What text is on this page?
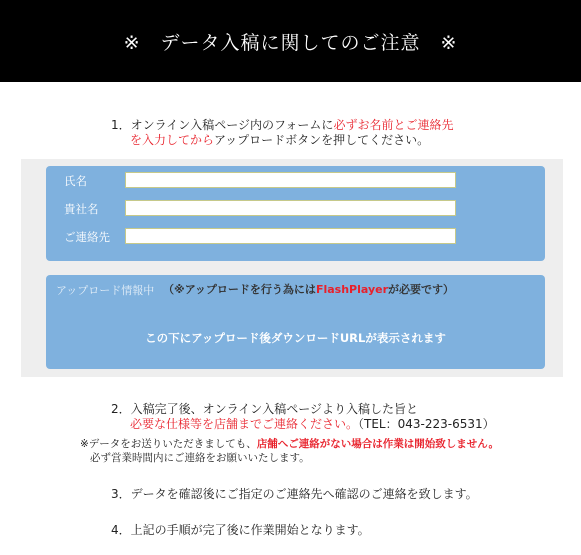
※　データ入稿に関してのご注意　※
1．オンライン入稿ページ内のフォームに必ずお名前とご連絡先
を入力してからアップロードボタンを押してください。
氏名
貴社名
ご連絡先
アップロード情報中 （※アップロードを行う為にはFlashPlayerが必要です）
この下にアップロード後ダウンロードURLが表示されます
2．入稿完了後、オンライン入稿ページより入稿した旨と
必要な仕様等を店舗までご連絡ください。（TEL：043-223-6531）
※データをお送りいただきましても、店舗へご連絡がない場合は作業は開始致しません。
必ず営業時間内にご連絡をお願いいたします。
3．データを確認後にご指定のご連絡先へ確認のご連絡を致します。
4．上記の手順が完了後に作業開始となります。
